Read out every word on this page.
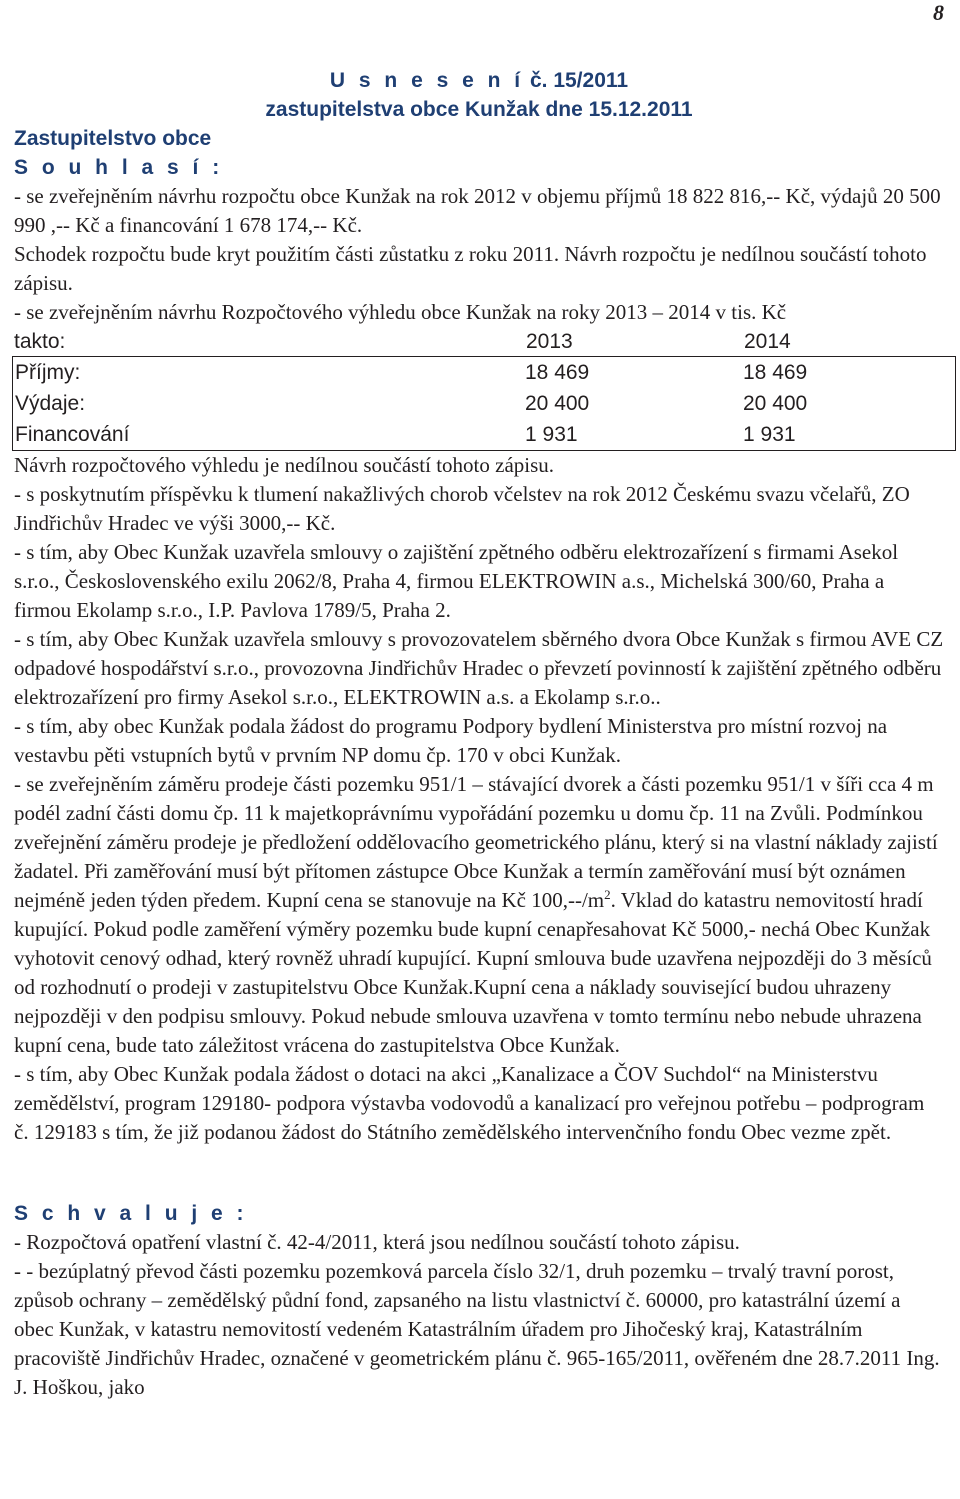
8
U s n e s e n í č. 15/2011
zastupitelstva obce Kunžak dne 15.12.2011
Zastupitelstvo obce
S o u h l a s í :

- se zveřejněním návrhu rozpočtu obce Kunžak na rok 2012 v objemu příjmů 18 822 816,-- Kč, výdajů 20 500 990 ,-- Kč a financování 1 678 174,-- Kč.

Schodek rozpočtu bude kryt použitím části zůstatku z roku 2011. Návrh rozpočtu je nedílnou součástí tohoto zápisu.

- se zveřejněním návrhu Rozpočtového výhledu obce Kunžak na roky 2013 – 2014 v tis. Kč

takto:	2013	2014
Příjmy:	18 469	18 469
Výdaje:	20 400	20 400
Financování	1 931	1 931

Návrh rozpočtového výhledu je nedílnou součástí tohoto zápisu.

- s poskytnutím příspěvku k tlumení nakažlivých chorob včelstev na rok 2012 Českému svazu včelařů, ZO Jindřichův Hradec ve výši 3000,-- Kč.

- s tím, aby Obec Kunžak uzavřela smlouvy o zajištění zpětného odběru elektrozařízení s firmami Asekol s.r.o., Československého exilu 2062/8, Praha 4, firmou ELEKTROWIN a.s., Michelská 300/60, Praha a firmou Ekolamp s.r.o., I.P. Pavlova 1789/5, Praha 2.

- s tím, aby Obec Kunžak uzavřela smlouvy s provozovatelem sběrného dvora Obce Kunžak s firmou AVE CZ odpadové hospodářství s.r.o., provozovna Jindřichův Hradec o převzetí povinností k zajištění zpětného odběru elektrozařízení pro firmy Asekol s.r.o., ELEKTROWIN a.s. a Ekolamp s.r.o..

- s tím, aby obec Kunžak podala žádost do programu Podpory bydlení Ministerstva pro místní rozvoj na vestavbu pěti vstupních bytů v prvním NP domu čp. 170 v obci Kunžak.

- se zveřejněním záměru prodeje části pozemku 951/1 – stávající dvorek a části pozemku 951/1 v šíři cca 4 m podél zadní části domu čp. 11 k majetkoprávnímu vypořádání pozemku u domu čp. 11 na Zvůli. Podmínkou zveřejnění záměru prodeje je předložení oddělovacího geometrického plánu, který si na vlastní náklady zajistí žadatel. Při zaměřování musí být přítomen zástupce Obce Kunžak a termín zaměřování musí být oznámen nejméně jeden týden předem. Kupní cena se stanovuje na Kč $100,--/m^2$. Vklad do katastru nemovitostí hradí kupující. Pokud podle zaměření výměry pozemku bude kupní cenapřesahovat Kč 5000,- nechá Obec Kunžak vyhotovit cenový odhad, který rovněž uhradí kupující. Kupní smlouva bude uzavřena nejpozději do 3 měsíců od rozhodnutí o prodeji v zastupitelstvu Obce Kunžak.Kupní cena a náklady související budou uhrazeny nejpozději v den podpisu smlouvy. Pokud nebude smlouva uzavřena v tomto termínu nebo nebude uhrazena kupní cena, bude tato záležitost vrácena do zastupitelstva Obce Kunžak.

- s tím, aby Obec Kunžak podala žádost o dotaci na akci „Kanalizace a ČOV Suchdol“ na Ministerstvu zemědělství, program 129180- podpora výstavba vodovodů a kanalizací pro veřejnou potřebu – podprogram č. 129183 s tím, že již podanou žádost do Státního zemědělského intervenčního fondu Obec vezme zpět.

S c h v a l u j e :

- Rozpočtová opatření vlastní č. 42-4/2011, která jsou nedílnou součástí tohoto zápisu.

- - bezúplatný převod části pozemku pozemková parcela číslo 32/1, druh pozemku – trvalý travní porost, způsob ochrany – zemědělský půdní fond, zapsaného na listu vlastnictví č. 60000, pro katastrální území a obec Kunžak, v katastru nemovitostí vedeném Katastrálním úřadem pro Jihočeský kraj, Katastrálním pracoviště Jindřichův Hradec, označené v geometrickém plánu č. 965-165/2011, ověřeném dne 28.7.2011 Ing. J. Hoškou, jako
